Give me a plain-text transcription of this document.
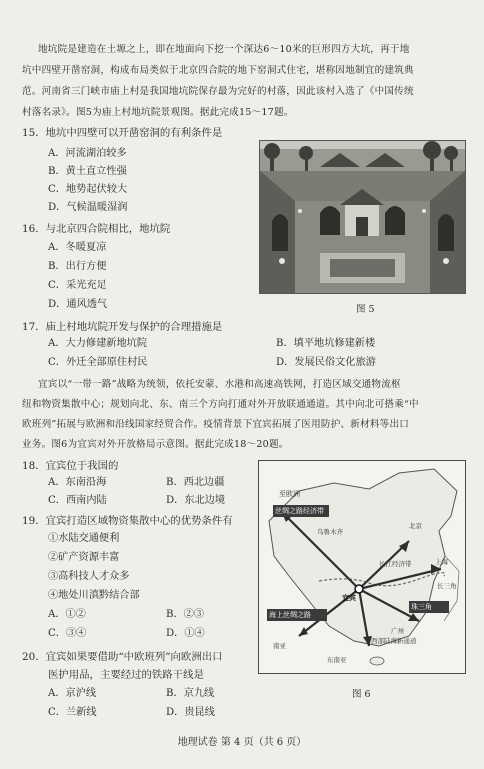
地坑院是建造在土塬之上，即在地面向下挖一个深达6～10米的巨形四方大坑，再于地
坑中四壁开凿窑洞，构成布局类似于北京四合院的地下窑洞式住宅，堪称因地制宜的建筑典
范。河南省三门峡市庙上村是我国地坑院保存最为完好的村落，因此该村入选了《中国传统
村落名录》。图5为庙上村地坑院景观图。据此完成15～17题。
15．地坑中四壁可以开凿窑洞的有利条件是
A．河流湖泊较多
B．黄土直立性强
C．地势起伏较大
D．气候温暖湿润
16．与北京四合院相比，地坑院
A．冬暖夏凉
B．出行方便
C．采光充足
D．通风透气	图 5
17．庙上村地坑院开发与保护的合理措施是
A．大力修建新地坑院	B．填平地坑修建新楼
C．外迁全部原住村民	D．发展民俗文化旅游
宜宾以“一带一路”战略为统领，依托安蒙、水港和高速高铁网，打造区域交通物流枢
纽和物资集散中心；规划向北、东、南三个方向打通对外开放联通通道。其中向北可搭乘“中
欧班列”拓展与欧洲和沿线国家经贸合作。疫情背景下宜宾拓展了医用防护、新材料等出口
业务。图6为宜宾对外开放格局示意图。据此完成18～20题。
18．宜宾位于我国的
A．东南沿海	B．西北边疆
C．西南内陆	D．东北边境
19．宜宾打造区域物资集散中心的优势条件有
①水陆交通便利
②矿产资源丰富
③高科技人才众多
④地处川滇黔结合部
A．①②	B．②③
C．③④	D．①④
20．宜宾如果要借助“中欧班列”向欧洲出口
医护用品，主要经过的铁路干线是
A．京沪线	B．京九线
C．兰新线	D．贵昆线
至欧洲
丝绸之路经济带
乌鲁木齐
北京
宜宾
长江经济带	上海
长三角
珠三角
广州
海上丝绸之路
西部陆海新通道
南亚
东南亚
图 6
地理试卷 第 4 页（共 6 页）
